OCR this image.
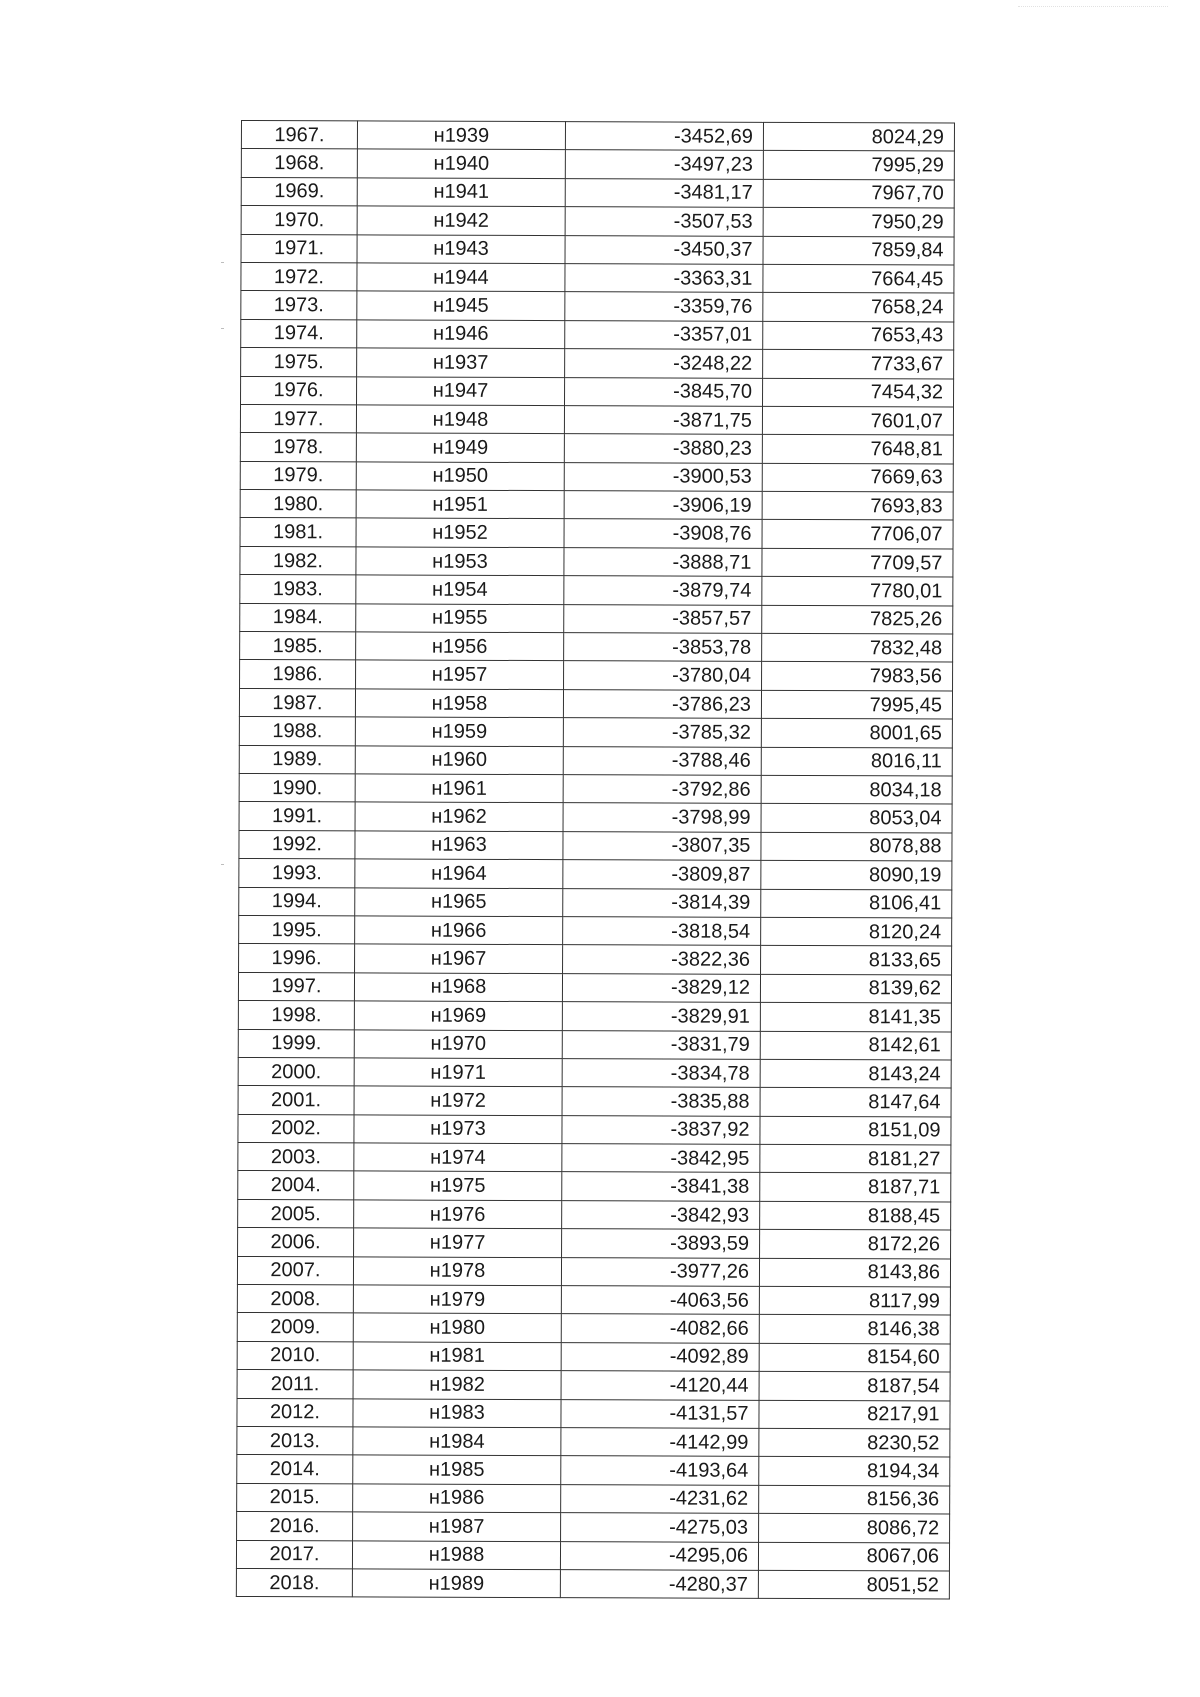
1967.	н1939	-3452,69	8024,29
1968.	н1940	-3497,23	7995,29
1969.	н1941	-3481,17	7967,70
1970.	н1942	-3507,53	7950,29
1971.	н1943	-3450,37	7859,84
1972.	н1944	-3363,31	7664,45
1973.	н1945	-3359,76	7658,24
1974.	н1946	-3357,01	7653,43
1975.	н1937	-3248,22	7733,67
1976.	н1947	-3845,70	7454,32
1977.	н1948	-3871,75	7601,07
1978.	н1949	-3880,23	7648,81
1979.	н1950	-3900,53	7669,63
1980.	н1951	-3906,19	7693,83
1981.	н1952	-3908,76	7706,07
1982.	н1953	-3888,71	7709,57
1983.	н1954	-3879,74	7780,01
1984.	н1955	-3857,57	7825,26
1985.	н1956	-3853,78	7832,48
1986.	н1957	-3780,04	7983,56
1987.	н1958	-3786,23	7995,45
1988.	н1959	-3785,32	8001,65
1989.	н1960	-3788,46	8016,11
1990.	н1961	-3792,86	8034,18
1991.	н1962	-3798,99	8053,04
1992.	н1963	-3807,35	8078,88
1993.	н1964	-3809,87	8090,19
1994.	н1965	-3814,39	8106,41
1995.	н1966	-3818,54	8120,24
1996.	н1967	-3822,36	8133,65
1997.	н1968	-3829,12	8139,62
1998.	н1969	-3829,91	8141,35
1999.	н1970	-3831,79	8142,61
2000.	н1971	-3834,78	8143,24
2001.	н1972	-3835,88	8147,64
2002.	н1973	-3837,92	8151,09
2003.	н1974	-3842,95	8181,27
2004.	н1975	-3841,38	8187,71
2005.	н1976	-3842,93	8188,45
2006.	н1977	-3893,59	8172,26
2007.	н1978	-3977,26	8143,86
2008.	н1979	-4063,56	8117,99
2009.	н1980	-4082,66	8146,38
2010.	н1981	-4092,89	8154,60
2011.	н1982	-4120,44	8187,54
2012.	н1983	-4131,57	8217,91
2013.	н1984	-4142,99	8230,52
2014.	н1985	-4193,64	8194,34
2015.	н1986	-4231,62	8156,36
2016.	н1987	-4275,03	8086,72
2017.	н1988	-4295,06	8067,06
2018.	н1989	-4280,37	8051,52
